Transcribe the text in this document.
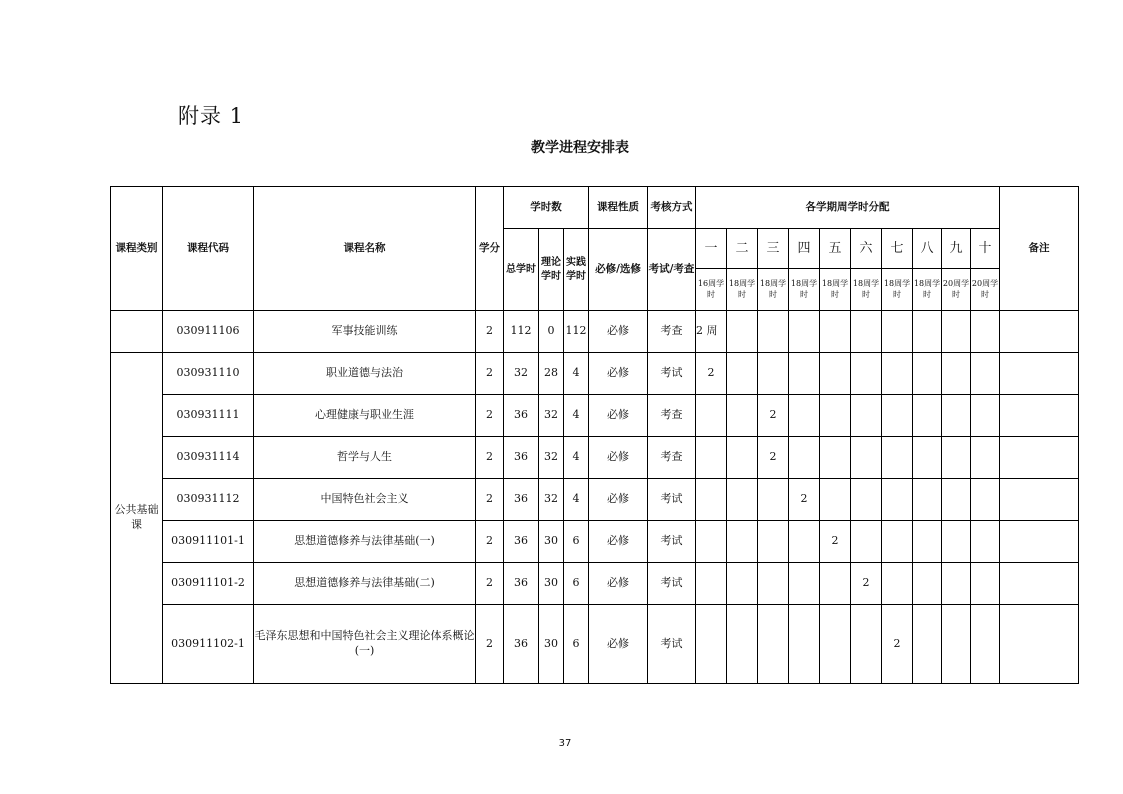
附录 1
教学进程安排表
课程类别	课程代码	课程名称	学分	学时数			课程性质	考核方式	各学期周学时分配										备注
				总学时	理论学时	实践学时	必修/选修	考试/考查	一	二	三	四	五	六	七	八	九	十	
									16周学时	18周学时	18周学时	18周学时	18周学时	18周学时	18周学时	18周学时	20周学时	20周学时	
	030911106	军事技能训练	2	112	0	112	必修	考查	2 周										
公共基础课	030931110	职业道德与法治	2	32	28	4	必修	考试	2										
	030931111	心理健康与职业生涯	2	36	32	4	必修	考查			2								
	030931114	哲学与人生	2	36	32	4	必修	考查			2								
	030931112	中国特色社会主义	2	36	32	4	必修	考试				2							
	030911101-1	思想道德修养与法律基础(一)	2	36	30	6	必修	考试					2						
	030911101-2	思想道德修养与法律基础(二)	2	36	30	6	必修	考试						2					
	030911102-1	毛泽东思想和中国特色社会主义理论体系概论(一)	2	36	30	6	必修	考试							2				
37
